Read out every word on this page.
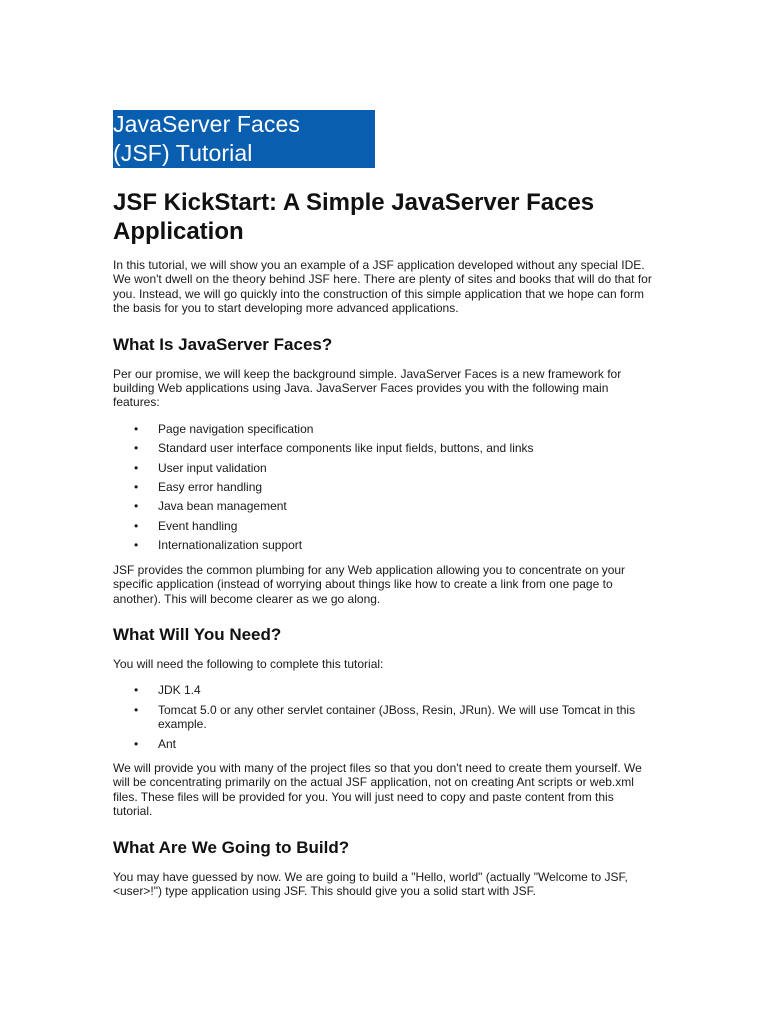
JavaServer Faces
(JSF) Tutorial
JSF KickStart: A Simple JavaServer Faces Application

In this tutorial, we will show you an example of a JSF application developed without any special IDE. We won't dwell on the theory behind JSF here. There are plenty of sites and books that will do that for you. Instead, we will go quickly into the construction of this simple application that we hope can form the basis for you to start developing more advanced applications.

What Is JavaServer Faces?

Per our promise, we will keep the background simple. JavaServer Faces is a new framework for building Web applications using Java. JavaServer Faces provides you with the following main features:

• Page navigation specification
• Standard user interface components like input fields, buttons, and links
• User input validation
• Easy error handling
• Java bean management
• Event handling
• Internationalization support

JSF provides the common plumbing for any Web application allowing you to concentrate on your specific application (instead of worrying about things like how to create a link from one page to another). This will become clearer as we go along.

What Will You Need?

You will need the following to complete this tutorial:

• JDK 1.4
• Tomcat 5.0 or any other servlet container (JBoss, Resin, JRun). We will use Tomcat in this example.
• Ant

We will provide you with many of the project files so that you don't need to create them yourself. We will be concentrating primarily on the actual JSF application, not on creating Ant scripts or web.xml files. These files will be provided for you. You will just need to copy and paste content from this tutorial.

What Are We Going to Build?

You may have guessed by now. We are going to build a "Hello, world" (actually "Welcome to JSF, <user>!") type application using JSF. This should give you a solid start with JSF.
